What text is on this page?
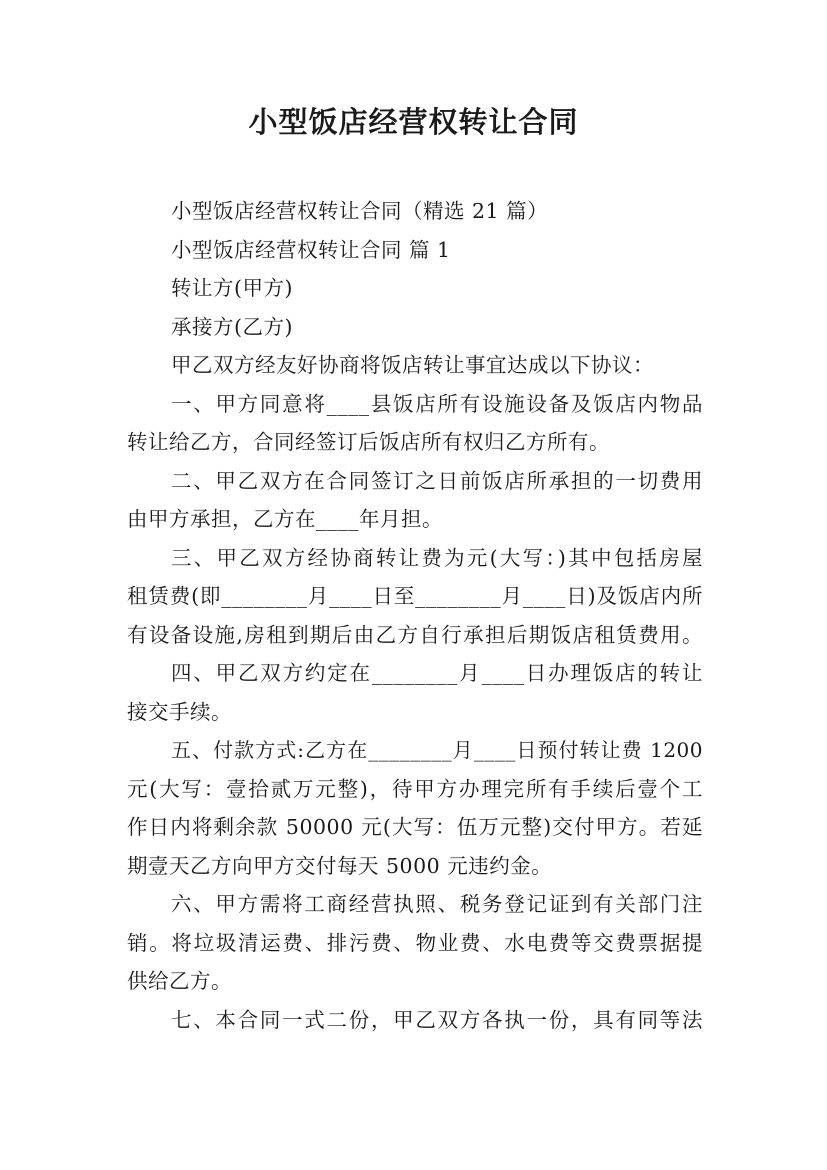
小型饭店经营权转让合同
小型饭店经营权转让合同（精选 21 篇）
小型饭店经营权转让合同 篇 1
转让方(甲方)
承接方(乙方)
甲乙双方经友好协商将饭店转让事宜达成以下协议：
一、甲方同意将____县饭店所有设施设备及饭店内物品
转让给乙方，合同经签订后饭店所有权归乙方所有。
二、甲乙双方在合同签订之日前饭店所承担的一切费用
由甲方承担，乙方在____年月担。
三、甲乙双方经协商转让费为元(大写：)其中包括房屋
租赁费(即________月____日至________月____日)及饭店内所
有设备设施,房租到期后由乙方自行承担后期饭店租赁费用。
四、甲乙双方约定在________月____日办理饭店的转让
接交手续。
五、付款方式:乙方在________月____日预付转让费 1200
元(大写：壹拾贰万元整)，待甲方办理完所有手续后壹个工
作日内将剩余款 50000 元(大写：伍万元整)交付甲方。若延
期壹天乙方向甲方交付每天 5000 元违约金。
六、甲方需将工商经营执照、税务登记证到有关部门注
销。将垃圾清运费、排污费、物业费、水电费等交费票据提
供给乙方。
七、本合同一式二份，甲乙双方各执一份，具有同等法
